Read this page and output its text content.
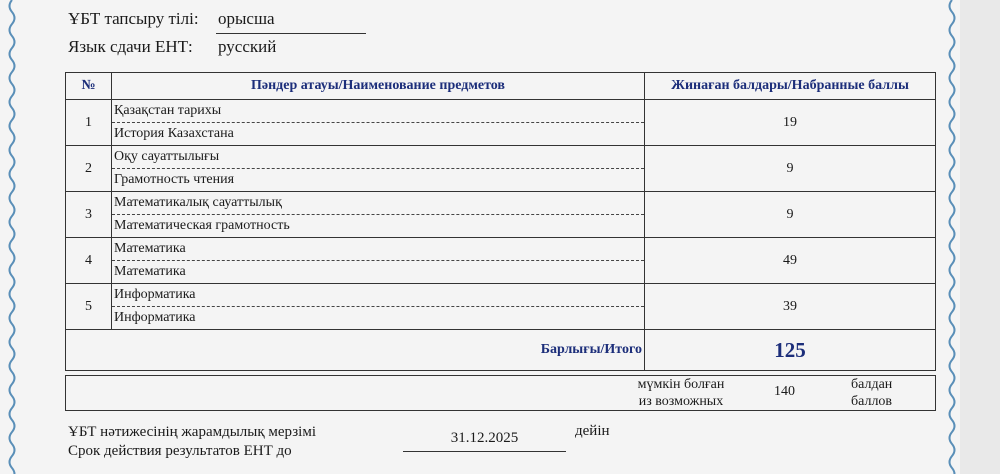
ҰБТ тапсыру тілі: орысша
Язык сдачи ЕНТ: русский
№	Пәндер атауы/Наименование предметов	Жинаған балдары/Набранные баллы
1	Қазақстан тарихы
История Казахстана	19
2	Оқу сауаттылығы
Грамотность чтения	9
3	Математикалық сауаттылық
Математическая грамотность	9
4	Математика
Математика	49
5	Информатика
Информатика	39
Барлығы/Итого		125
мүмкін болған
из возможных
140	балдан
баллов
ҰБТ нәтижесінің жарамдылық мерзімі
Срок действия результатов ЕНТ до
31.12.2025	дейін
